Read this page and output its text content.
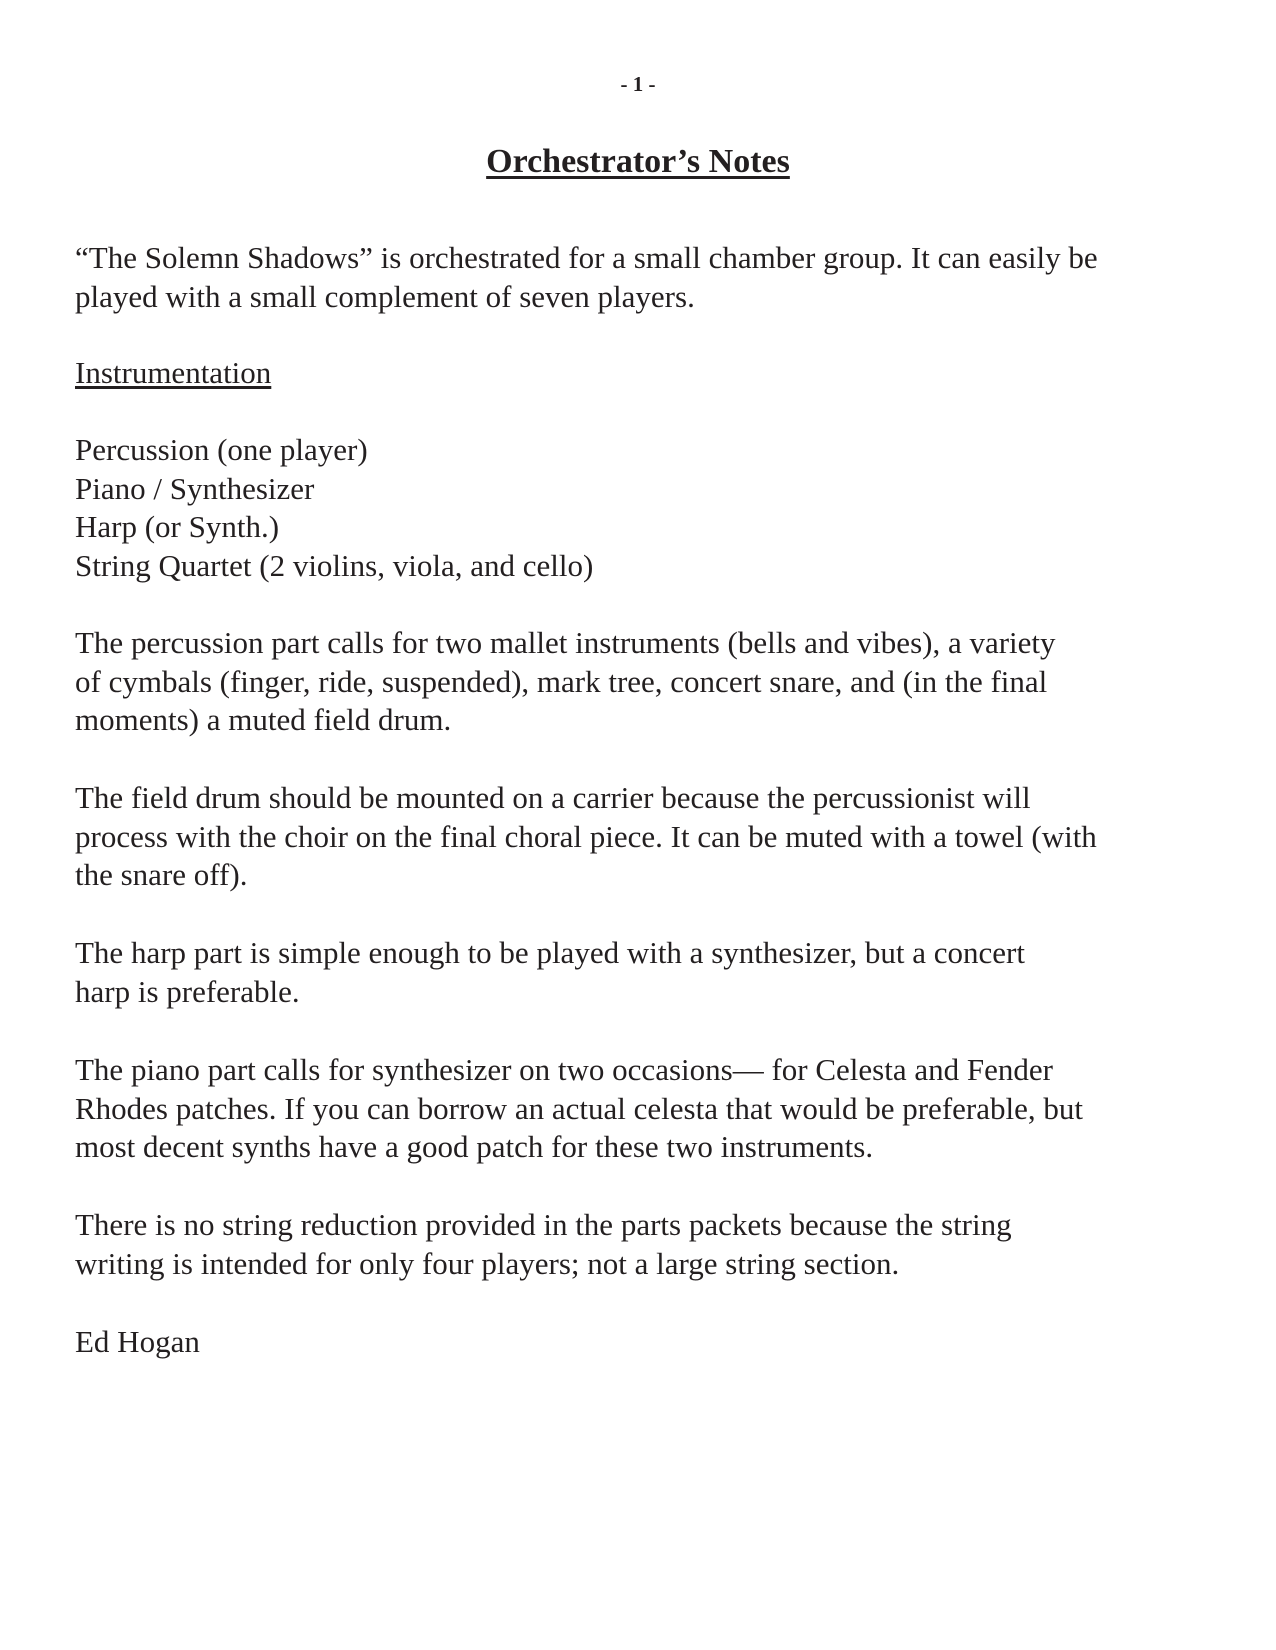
- 1 -
Orchestrator’s Notes
“The Solemn Shadows” is orchestrated for a small chamber group. It can easily be
played with a small complement of seven players.
Instrumentation
Percussion (one player)
Piano / Synthesizer
Harp (or Synth.)
String Quartet (2 violins, viola, and cello)
The percussion part calls for two mallet instruments (bells and vibes), a variety
of cymbals (finger, ride, suspended), mark tree, concert snare, and (in the final
moments) a muted field drum.
The field drum should be mounted on a carrier because the percussionist will
process with the choir on the final choral piece. It can be muted with a towel (with
the snare off).
The harp part is simple enough to be played with a synthesizer, but a concert
harp is preferable.
The piano part calls for synthesizer on two occasions— for Celesta and Fender
Rhodes patches. If you can borrow an actual celesta that would be preferable, but
most decent synths have a good patch for these two instruments.
There is no string reduction provided in the parts packets because the string
writing is intended for only four players; not a large string section.
Ed Hogan
